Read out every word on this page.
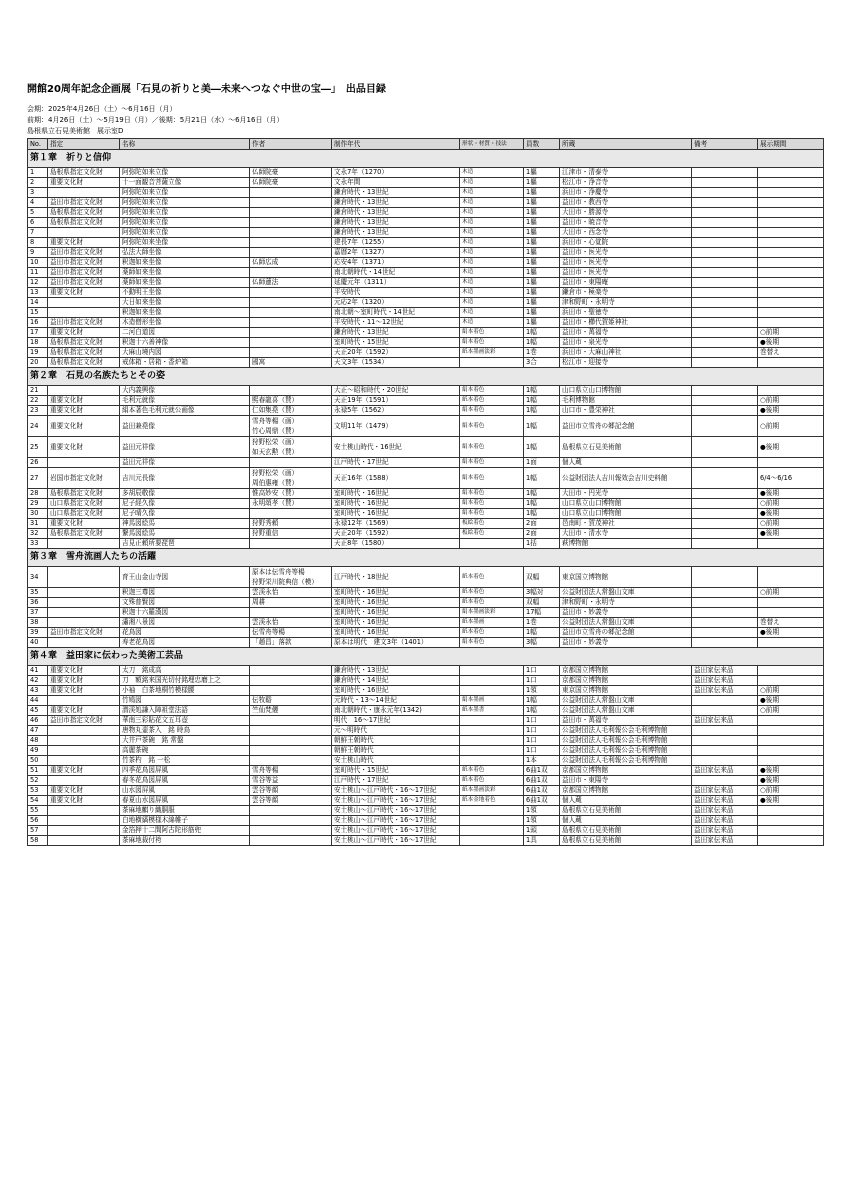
開館20周年記念企画展「石見の祈りと美―未来へつなぐ中世の宝―」　出品目録
会期：2025年4月26日（土）～6月16日（月）
前期：4月26日（土）～5月19日（月）／後期：5月21日（水）～6月16日（月）
島根県立石見美術館　展示室D
No.	指定	名称	作者	制作年代	形状・材質・技法	員数	所蔵	備考	展示期間
第１章　祈りと信仰									
1	島根県指定文化財	阿弥陀如来立像	仏師院豪	文永7年（1270）	木造	1軀	江津市・清泰寺		
2	重要文化財	十一面観音菩薩立像	仏師院豪	文永年間	木造	1軀	松江市・浄音寺		
3		阿弥陀如来立像		鎌倉時代・13世紀	木造	1軀	浜田市・浄慶寺		
4	益田市指定文化財	阿弥陀如来立像		鎌倉時代・13世紀	木造	1軀	益田市・教西寺		
5	島根県指定文化財	阿弥陀如来立像		鎌倉時代・13世紀	木造	1軀	大田市・勝源寺		
6	島根県指定文化財	阿弥陀如来立像		鎌倉時代・13世紀	木造	1軀	益田市・暁音寺		
7		阿弥陀如来立像		鎌倉時代・13世紀	木造	1軀	大田市・西念寺		
8	重要文化財	阿弥陀如来坐像		建長7年（1255）	木造	1軀	浜田市・心覚院		
9	益田市指定文化財	弘法大師坐像		嘉暦2年（1327）	木造	1軀	益田市・医光寺		
10	益田市指定文化財	釈迦如来坐像	仏師広成	応安4年（1371）	木造	1軀	益田市・医光寺		
11	益田市指定文化財	薬師如来坐像		南北朝時代・14世紀	木造	1軀	益田市・医光寺		
12	益田市指定文化財	薬師如来坐像	仏師蓮法	延慶元年（1311）	木造	1軀	益田市・東陽庵		
13	重要文化財	不動明王坐像		平安時代	木造	1軀	鎌倉市・極楽寺		
14		大日如来坐像		元応2年（1320）	木造	1軀	津和野町・永明寺		
15		釈迦如来坐像		南北朝～室町時代・14世紀	木造	1軀	浜田市・聖徳寺		
16	益田市指定文化財	木造僧形坐像		平安時代・11～12世紀	木造	1軀	益田市・櫛代賀姫神社		
17	重要文化財	二河白道図		鎌倉時代・13世紀	絹本着色	1幅	益田市・萬福寺		○前期
18	島根県指定文化財	釈迦十六善神像		室町時代・15世紀	絹本着色	1幅	益田市・泉光寺		●後期
19	島根県指定文化財	大麻山境内図		天正20年（1592）	紙本墨画淡彩	1巻	浜田市・大麻山神社		巻替え
20	島根県指定文化財	戒体箱・居箱・香炉箱	國寓	天文3年（1534）		3合	松江市・迎接寺		
第２章　石見の名族たちとその姿									
21		大内義興像		大正～昭和時代・20世紀	絹本着色	1幅	山口県立山口博物館		
22	重要文化財	毛利元就像	熙春龍喜（賛）	天正19年（1591）	紙本着色	1幅	毛利博物館		○前期
23	重要文化財	絹本著色毛利元就公画像	仁如集堯（賛）	永禄5年（1562）	絹本着色	1幅	山口市・豊栄神社		●後期
24	重要文化財	益田兼堯像	雪舟等楊（画）
竹心周鼎（賛）	文明11年（1479）	絹本着色	1幅	益田市立雪舟の郷記念館		○前期
25	重要文化財	益田元祥像	狩野松栄（画）
如天玄勲（賛）	安土桃山時代・16世紀	絹本着色	1幅	島根県立石見美術館		●後期
26		益田元祥像		江戸時代・17世紀	絹本着色	1面	個人蔵		
27	岩国市指定文化財	吉川元長像	狩野松栄（画）
周伯惠雍（賛）	天正16年（1588）	絹本着色	1幅	公益財団法人吉川報效会吉川史料館		6/4～6/16
28	島根県指定文化財	多胡辰敬像	惟高妙安（賛）	室町時代・16世紀	絹本着色	1幅	大田市・円光寺		●後期
29	山口県指定文化財	尼子経久像	永明頌孝（賛）	室町時代・16世紀	絹本着色	1幅	山口県立山口博物館		○前期
30	山口県指定文化財	尼子晴久像		室町時代・16世紀	絹本着色	1幅	山口県立山口博物館		●後期
31	重要文化財	神馬図絵馬	狩野秀頼	永禄12年（1569）	板絵着色	2面	邑南町・賀茂神社		○前期
32	島根県指定文化財	繋馬図絵馬	狩野重信	天正20年（1592）	板絵着色	2面	大田市・清水寺		●後期
33		吉見正頼所要琵琶		天正8年（1580）		1括	萩博物館		
第３章　雪舟流画人たちの活躍									
34		育王山金山寺図	原本は伝雪舟等楊
狩野栄川院典信（模）	江戸時代・18世紀	紙本着色	双幅	東京国立博物館		
35		釈迦三尊図	雲渓永怡	室町時代・16世紀	紙本着色	3幅対	公益財団法人常盤山文庫		○前期
36		文殊普賢図	周耕	室町時代・16世紀	紙本着色	双幅	津和野町・永明寺		
37		釈迦十六羅漢図		室町時代・16世紀	絹本墨画淡彩	17幅	益田市・妙義寺		
38		瀟湘八景図	雲渓永怡	室町時代・16世紀	紙本墨画	1巻	公益財団法人常盤山文庫		巻替え
39	益田市指定文化財	花鳥図	伝雪舟等楊	室町時代・16世紀	紙本着色	1幅	益田市立雪舟の郷記念館		●後期
40		寿老花鳥図	「趙昌」落款	原本は明代　建文3年（1401）	絹本着色	3幅	益田市・妙義寺		
第４章　益田家に伝わった美術工芸品									
41	重要文化財	太刀　銘成高		鎌倉時代・13世紀		1口	京都国立博物館	益田家伝来品	
42	重要文化財	刀　額銘来国光切付銘埋忠磨上之		鎌倉時代・14世紀		1口	京都国立博物館	益田家伝来品	
43	重要文化財	小袖　白茶地桐竹模様腰		室町時代・16世紀		1領	東京国立博物館	益田家伝来品	○前期
44		竹鳩図	伝牧谿	元時代・13～14世紀	絹本墨画	1幅	公益財団法人常盤山文庫		●後期
45	重要文化財	潜渓処謙入障祖堂法語	竺仙梵僊	南北朝時代・康永元年(1342)	紙本墨書	1幅	公益財団法人常盤山文庫		○前期
46	益田市指定文化財	華南三彩貼花文五耳壺		明代　16～17世紀		1口	益田市・萬福寺	益田家伝来品	
47		唐物丸壷茶入　銘 時鳥		元～明時代		1口	公益財団法人毛利報公会毛利博物館		
48		大井戸茶碗　銘 常盤		朝鮮王朝時代		1口	公益財団法人毛利報公会毛利博物館		
49		高麗茶碗		朝鮮王朝時代		1口	公益財団法人毛利報公会毛利博物館		
50		竹茶杓　銘 一松		安土桃山時代		1本	公益財団法人毛利報公会毛利博物館		
51	重要文化財	四季花鳥図屏風	雪舟等楊	室町時代・15世紀	紙本着色	6曲1双	京都国立博物館	益田家伝来品	●後期
52		春冬花鳥図屏風	雪谷等益	江戸時代・17世紀	紙本着色	6曲1双	益田市・東陽寺		●後期
53	重要文化財	山水図屏風	雲谷等顔	安土桃山～江戸時代・16～17世紀	紙本墨画淡彩	6曲1双	京都国立博物館	益田家伝来品	○前期
54	重要文化財	春夏山水図屏風	雲谷等顔	安土桃山～江戸時代・16～17世紀	紙本金地着色	6曲1双	個人蔵	益田家伝来品	●後期
55		茶麻地麒り織胴服		安土桃山～江戸時代・16～17世紀		1領	島根県立石見美術館	益田家伝来品	
56		白地横縞模様木綿帷子		安土桃山～江戸時代・16～17世紀		1領	個人蔵	益田家伝来品	
57		金箔押十二間阿古陀形筋兜		安土桃山～江戸時代・16～17世紀		1頭	島根県立石見美術館	益田家伝来品	
58		茶麻地裁付袴		安土桃山～江戸時代・16～17世紀		1具	島根県立石見美術館	益田家伝来品	
